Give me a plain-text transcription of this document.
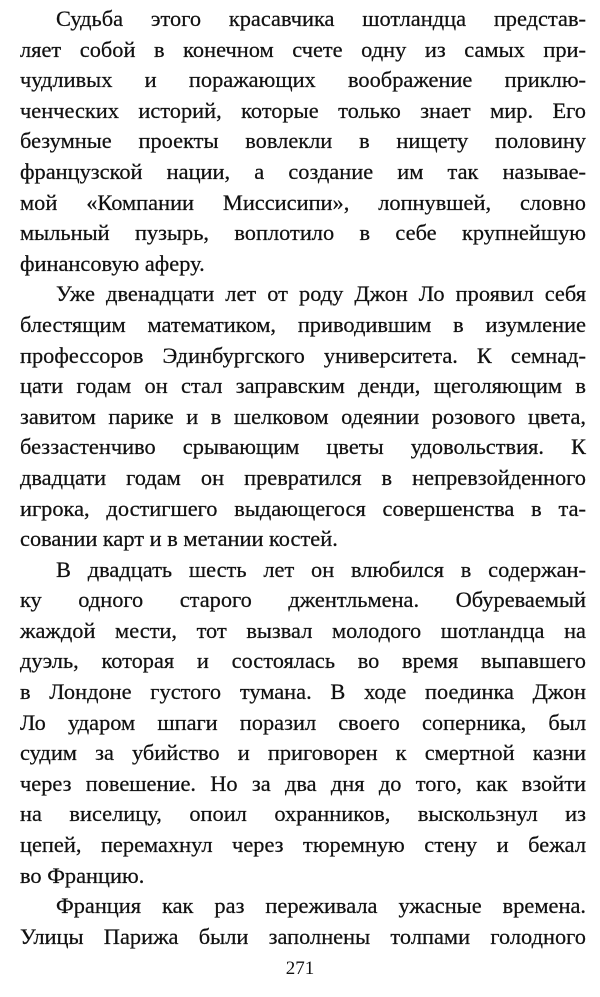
Судьба этого красавчика шотландца представ-
ляет собой в конечном счете одну из самых при-
чудливых и поражающих воображение приклю-
ченческих историй, которые только знает мир. Его
безумные проекты вовлекли в нищету половину
французской нации, а создание им так называе-
мой «Компании Миссисипи», лопнувшей, словно
мыльный пузырь, воплотило в себе крупнейшую
финансовую аферу.
Уже двенадцати лет от роду Джон Ло проявил себя
блестящим математиком, приводившим в изумление
профессоров Эдинбургского университета. К семнад-
цати годам он стал заправским денди, щеголяющим в
завитом парике и в шелковом одеянии розового цвета,
беззастенчиво срывающим цветы удовольствия. К
двадцати годам он превратился в непревзойденного
игрока, достигшего выдающегося совершенства в та-
совании карт и в метании костей.
В двадцать шесть лет он влюбился в содержан-
ку одного старого джентльмена. Обуреваемый
жаждой мести, тот вызвал молодого шотландца на
дуэль, которая и состоялась во время выпавшего
в Лондоне густого тумана. В ходе поединка Джон
Ло ударом шпаги поразил своего соперника, был
судим за убийство и приговорен к смертной казни
через повешение. Но за два дня до того, как взойти
на виселицу, опоил охранников, выскользнул из
цепей, перемахнул через тюремную стену и бежал
во Францию.
Франция как раз переживала ужасные времена.
Улицы Парижа были заполнены толпами голодного
271
